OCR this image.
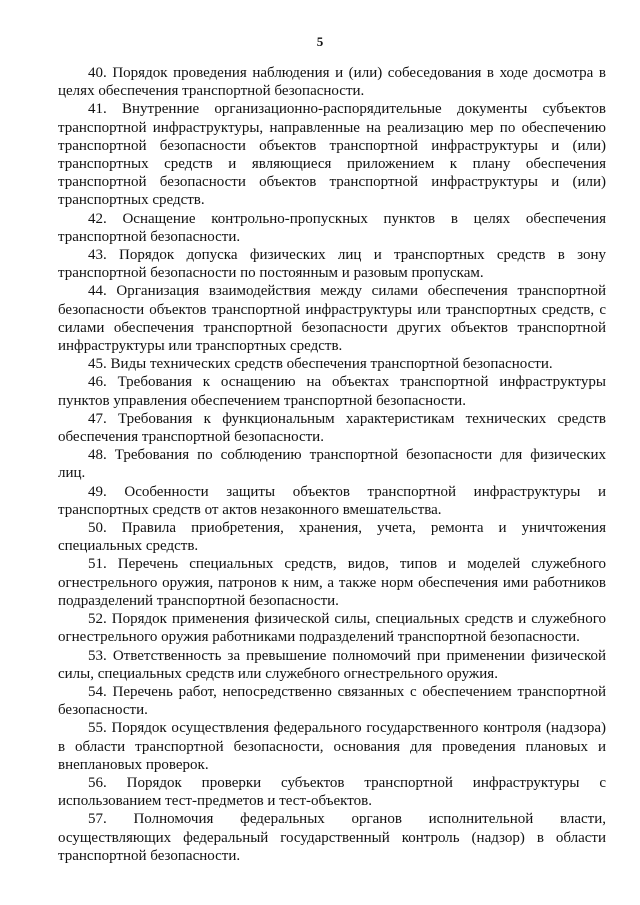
5

40. Порядок проведения наблюдения и (или) собеседования в ходе досмотра в целях обеспечения транспортной безопасности.

41. Внутренние организационно-распорядительные документы субъектов транспортной инфраструктуры, направленные на реализацию мер по обеспечению транспортной безопасности объектов транспортной инфраструктуры и (или) транспортных средств и являющиеся приложением к плану обеспечения транспортной безопасности объектов транспортной инфраструктуры и (или) транспортных средств.

42. Оснащение контрольно-пропускных пунктов в целях обеспечения транспортной безопасности.

43. Порядок допуска физических лиц и транспортных средств в зону транспортной безопасности по постоянным и разовым пропускам.

44. Организация взаимодействия между силами обеспечения транспортной безопасности объектов транспортной инфраструктуры или транспортных средств, с силами обеспечения транспортной безопасности других объектов транспортной инфраструктуры или транспортных средств.

45. Виды технических средств обеспечения транспортной безопасности.

46. Требования к оснащению на объектах транспортной инфраструктуры пунктов управления обеспечением транспортной безопасности.

47. Требования к функциональным характеристикам технических средств обеспечения транспортной безопасности.

48. Требования по соблюдению транспортной безопасности для физических лиц.

49. Особенности защиты объектов транспортной инфраструктуры и транспортных средств от актов незаконного вмешательства.

50. Правила приобретения, хранения, учета, ремонта и уничтожения специальных средств.

51. Перечень специальных средств, видов, типов и моделей служебного огнестрельного оружия, патронов к ним, а также норм обеспечения ими работников подразделений транспортной безопасности.

52. Порядок применения физической силы, специальных средств и служебного огнестрельного оружия работниками подразделений транспортной безопасности.

53. Ответственность за превышение полномочий при применении физической силы, специальных средств или служебного огнестрельного оружия.

54. Перечень работ, непосредственно связанных с обеспечением транспортной безопасности.

55. Порядок осуществления федерального государственного контроля (надзора) в области транспортной безопасности, основания для проведения плановых и внеплановых проверок.

56. Порядок проверки субъектов транспортной инфраструктуры с использованием тест-предметов и тест-объектов.

57. Полномочия федеральных органов исполнительной власти, осуществляющих федеральный государственный контроль (надзор) в области транспортной безопасности.
